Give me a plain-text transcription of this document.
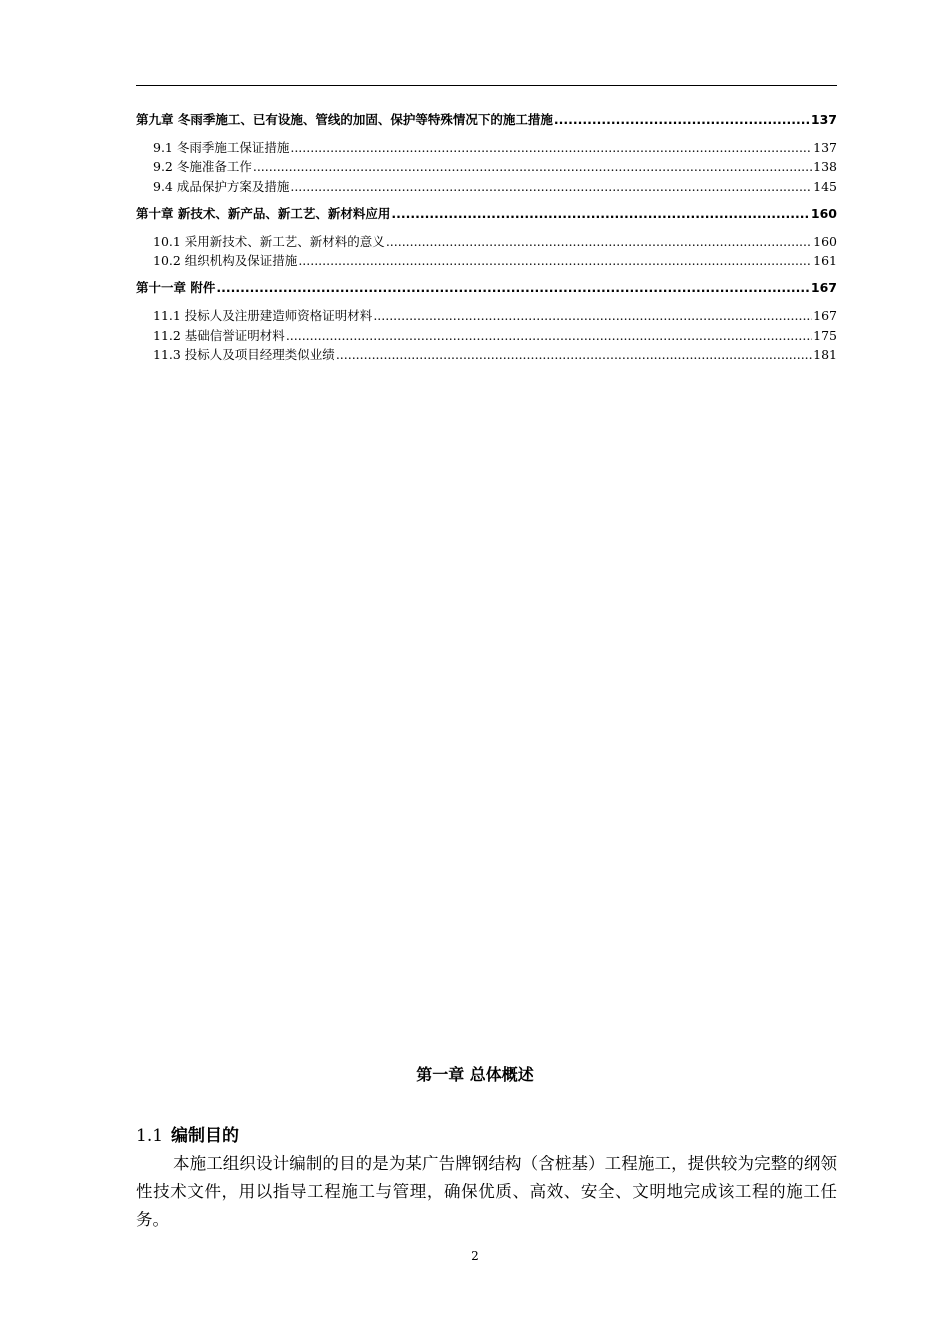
第九章 冬雨季施工、已有设施、管线的加固、保护等特殊情况下的施工措施 .....	137
9.1 冬雨季施工保证措施 .....	137
9.2 冬施准备工作 .....	138
9.4 成品保护方案及措施 .....	145
第十章 新技术、新产品、新工艺、新材料应用 .....	160
10.1 采用新技术、新工艺、新材料的意义 .....	160
10.2 组织机构及保证措施 .....	161
第十一章 附件 .....	167
11.1 投标人及注册建造师资格证明材料 .....	167
11.2 基础信誉证明材料 .....	175
11.3 投标人及项目经理类似业绩 .....	181
第一章 总体概述
1.1 编制目的
本施工组织设计编制的目的是为某广告牌钢结构（含桩基）工程施工，提供较为完整的纲领性技术文件，用以指导工程施工与管理，确保优质、高效、安全、文明地完成该工程的施工任务。
2
